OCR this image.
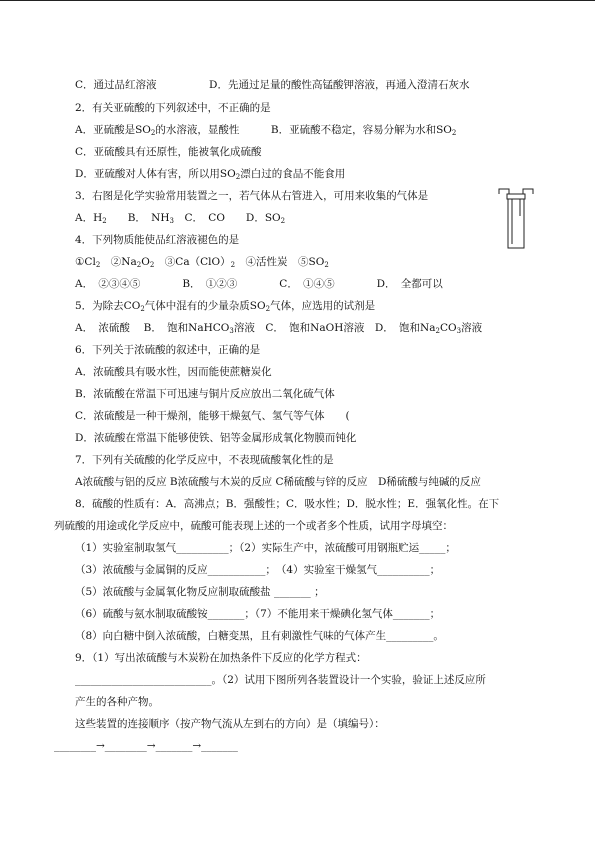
C．通过品红溶液　　　　　D．先通过足量的酸性高锰酸钾溶液，再通入澄清石灰水
2．有关亚硫酸的下列叙述中，不正确的是
A．亚硫酸是$SO_2$的水溶液，显酸性　　　B．亚硫酸不稳定，容易分解为水和$SO_2$
C．亚硫酸具有还原性，能被氧化成硫酸
D．亚硫酸对人体有害，所以用$SO_2$漂白过的食品不能食用
3．右图是化学实验常用装置之一，若气体从右管进入，可用来收集的气体是
A．$H_2$　　B．　$NH_3$　C．　CO　　D．$SO_2$
4．下列物质能使品红溶液褪色的是
$①Cl_2$　$②Na_2O_2$　$③Ca(ClO)_2$　④活性炭　$⑤SO_2$
A．　②③④⑤　　　　B．　①②③　　　　C．　①④⑤　　　　D．　全都可以
5．为除去$CO_2$气体中混有的少量杂质$SO_2$气体，应选用的试剂是
A．　浓硫酸　 B．　饱和NaHCO$_3$溶液　C．　饱和NaOH溶液　D．　饱和$Na_2CO_3$溶液
6．下列关于浓硫酸的叙述中，正确的是
A．浓硫酸具有吸水性，因而能使蔗糖炭化
B．浓硫酸在常温下可迅速与铜片反应放出二氧化硫气体
C．浓硫酸是一种干燥剂，能够干燥氨气、氢气等气体　　(
D．浓硫酸在常温下能够使铁、铝等金属形成氧化物膜而钝化
7．下列有关硫酸的化学反应中，不表现硫酸氧化性的是
A浓硫酸与铝的反应 B浓硫酸与木炭的反应 C稀硫酸与锌的反应　D稀硫酸与纯碱的反应
8．硫酸的性质有：A．高沸点；B．强酸性；C．吸水性；D．脱水性；E．强氧化性。在下
列硫酸的用途或化学反应中，硫酸可能表现上述的一个或者多个性质，试用字母填空：
（1）实验室制取氢气__________；（2）实际生产中，浓硫酸可用钢瓶贮运_____；
（3）浓硫酸与金属铜的反应___________；　（4）实验室干燥氢气__________；
（5）浓硫酸与金属氧化物反应制取硫酸盐 _______ ；
（6）硫酸与氨水制取硫酸铵_______；（7）不能用来干燥碘化氢气体_______；
（8）向白糖中倒入浓硫酸，白糖变黑，且有刺激性气味的气体产生_________。
9．（1）写出浓硫酸与木炭粉在加热条件下反应的化学方程式：
__________________________。（2）试用下图所列各装置设计一个实验，验证上述反应所
产生的各种产物。
这些装置的连接顺序（按产物气流从左到右的方向）是（填编号）：
________→________→_______→_______
